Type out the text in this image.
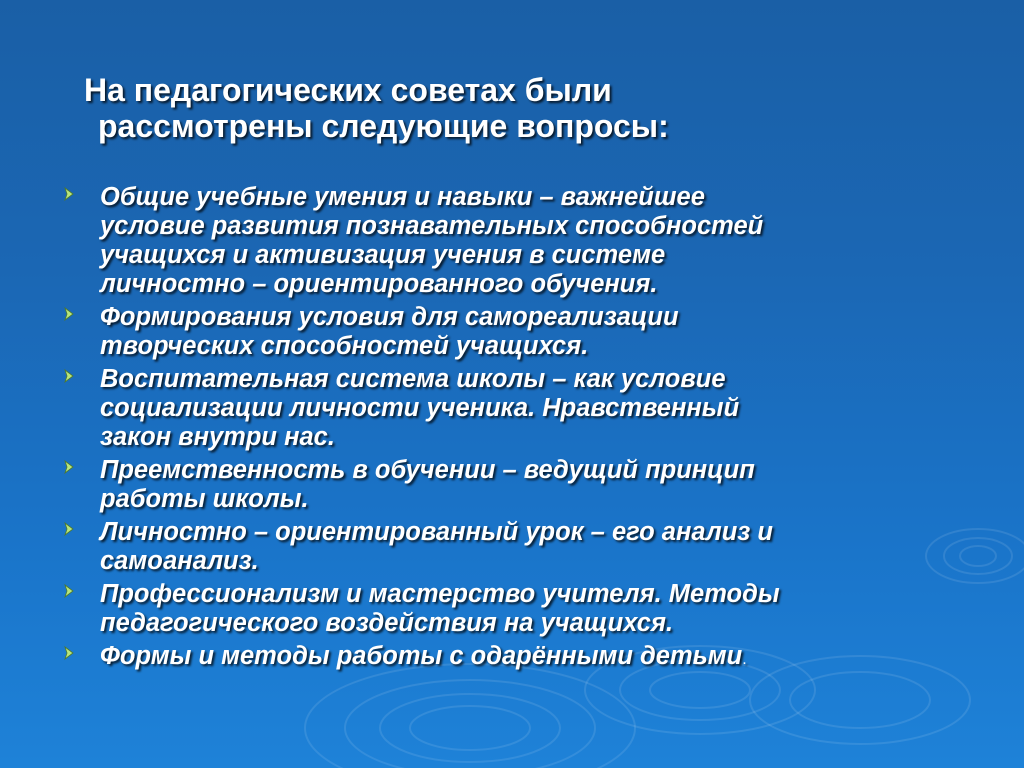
На педагогических советах были
рассмотрены следующие вопросы:
Общие учебные умения и навыки – важнейшее
условие развития познавательных способностей
учащихся и активизация учения в системе
личностно – ориентированного обучения.
Формирования условия для самореализации
творческих способностей учащихся.
Воспитательная система школы – как условие
социализации личности ученика. Нравственный
закон внутри нас.
Преемственность в обучении – ведущий принцип
работы школы.
Личностно – ориентированный урок – его анализ и
самоанализ.
Профессионализм и мастерство учителя. Методы
педагогического воздействия на учащихся.
Формы и методы работы с одарёнными детьми.
